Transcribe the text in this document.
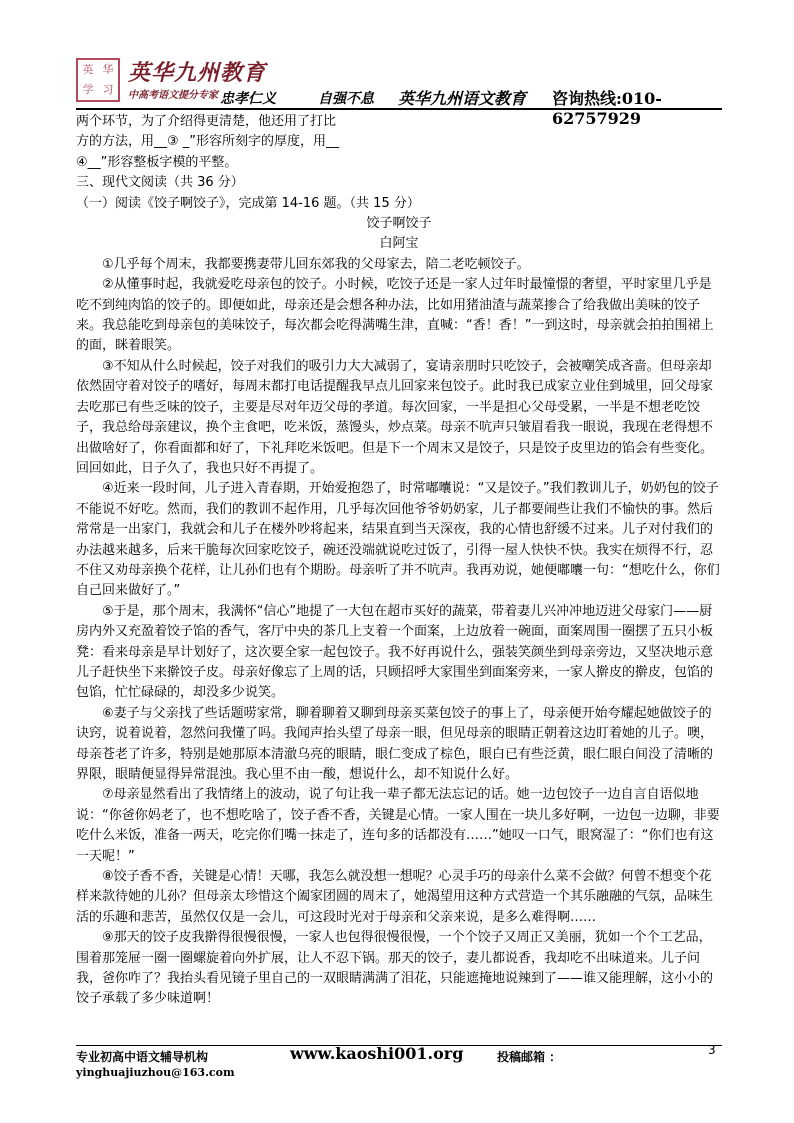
英 华
学 习
英华九州教育
中高考语文提分专家 忠孝仁义	自强不息 英华九州语文教育 咨询热线:010-62757929

两个环节，为了介绍得更清楚，他还用了打比

方的方法，用__③ _”形容所刻字的厚度，用__

④__”形容整板字模的平整。

三、现代文阅读（共 36 分）

（一）阅读《饺子啊饺子》，完成第 14-16 题。（共 15 分）

饺子啊饺子

白阿宝

①几乎每个周末，我都要携妻带儿回东郊我的父母家去，陪二老吃顿饺子。

②从懂事时起，我就爱吃母亲包的饺子。小时候，吃饺子还是一家人过年时最憧憬的奢望，平时家里几乎是吃不到纯肉馅的饺子的。即便如此，母亲还是会想各种办法，比如用猪油渣与蔬菜掺合了给我做出美味的饺子来。我总能吃到母亲包的美味饺子，每次都会吃得满嘴生津，直喊：“香！香！”一到这时，母亲就会拍拍围裙上的面，眯着眼笑。

③不知从什么时候起，饺子对我们的吸引力大大减弱了，宴请亲朋时只吃饺子，会被嘲笑成吝啬。但母亲却依然固守着对饺子的嗜好，每周末都打电话提醒我早点儿回家来包饺子。此时我已成家立业住到城里，回父母家去吃那已有些乏味的饺子，主要是尽对年迈父母的孝道。每次回家，一半是担心父母受累，一半是不想老吃饺子，我总给母亲建议，换个主食吧，吃米饭，蒸馒头，炒点菜。母亲不吭声只皱眉看我一眼说，我现在老得想不出做啥好了，你看面都和好了，下礼拜吃米饭吧。但是下一个周末又是饺子，只是饺子皮里边的馅会有些变化。回回如此，日子久了，我也只好不再提了。

④近来一段时间，儿子进入青春期，开始爱抱怨了，时常嘟囔说：“又是饺子。”我们教训儿子，奶奶包的饺子不能说不好吃。然而，我们的教训不起作用，几乎每次回他爷爷奶奶家，儿子都要闹些让我们不愉快的事。然后常常是一出家门，我就会和儿子在楼外吵将起来，结果直到当天深夜，我的心情也舒缓不过来。儿子对付我们的办法越来越多，后来干脆每次回家吃饺子，碗还没端就说吃过饭了，引得一屋人快快不快。我实在烦得不行，忍不住又劝母亲换个花样，让儿孙们也有个期盼。母亲听了并不吭声。我再劝说，她便嘟囔一句：“想吃什么，你们自己回来做好了。”

⑤于是，那个周末，我满怀“信心”地提了一大包在超市买好的蔬菜，带着妻儿兴冲冲地迈进父母家门——厨房内外又充盈着饺子馅的香气，客厅中央的茶几上支着一个面案，上边放着一碗面，面案周围一圈摆了五只小板凳：看来母亲是早计划好了，这次要全家一起包饺子。我不好再说什么，强装笑颜坐到母亲旁边，又坚决地示意儿子赶快坐下来擀饺子皮。母亲好像忘了上周的话，只顾招呼大家围坐到面案旁来，一家人擀皮的擀皮，包馅的包馅，忙忙碌碌的，却没多少说笑。

⑥妻子与父亲找了些话题唠家常，聊着聊着又聊到母亲买菜包饺子的事上了，母亲便开始夸耀起她做饺子的诀窍，说着说着，忽然问我懂了吗。我闻声抬头望了母亲一眼，但见母亲的眼睛正朝着这边盯着她的儿子。噢，母亲苍老了许多，特别是她那原本清澈乌亮的眼睛，眼仁变成了棕色，眼白已有些泛黄，眼仁眼白间没了清晰的界限，眼睛便显得异常混浊。我心里不由一酸，想说什么，却不知说什么好。

⑦母亲显然看出了我情绪上的波动，说了句让我一辈子都无法忘记的话。她一边包饺子一边自言自语似地说：“你爸你妈老了，也不想吃啥了，饺子香不香，关键是心情。一家人围在一块儿多好啊，一边包一边聊，非要吃什么米饭，准备一两天，吃完你们嘴一抹走了，连句多的话都没有……”她叹一口气，眼窝湿了：“你们也有这一天呢！”

⑧饺子香不香，关键是心情！天哪，我怎么就没想一想呢？心灵手巧的母亲什么菜不会做？何曾不想变个花样来款待她的儿孙？但母亲太珍惜这个阖家团圆的周末了，她渴望用这种方式营造一个其乐融融的气氛，品味生活的乐趣和悲苦，虽然仅仅是一会儿，可这段时光对于母亲和父亲来说，是多么难得啊……

⑨那天的饺子皮我擀得很慢很慢，一家人也包得很慢很慢，一个个饺子又周正又美丽，犹如一个个工艺品，围着那笼屉一圈一圈螺旋着向外扩展，让人不忍下锅。那天的饺子，妻儿都说香，我却吃不出味道来。儿子问我，爸你咋了？我抬头看见镜子里自己的一双眼睛满满了泪花，只能遮掩地说辣到了——谁又能理解，这小小的饺子承载了多少味道啊！

专业初高中语文辅导机构
yinghuajiuzhou@163.com
www.kaoshi001.org	投稿邮箱 ：	3
